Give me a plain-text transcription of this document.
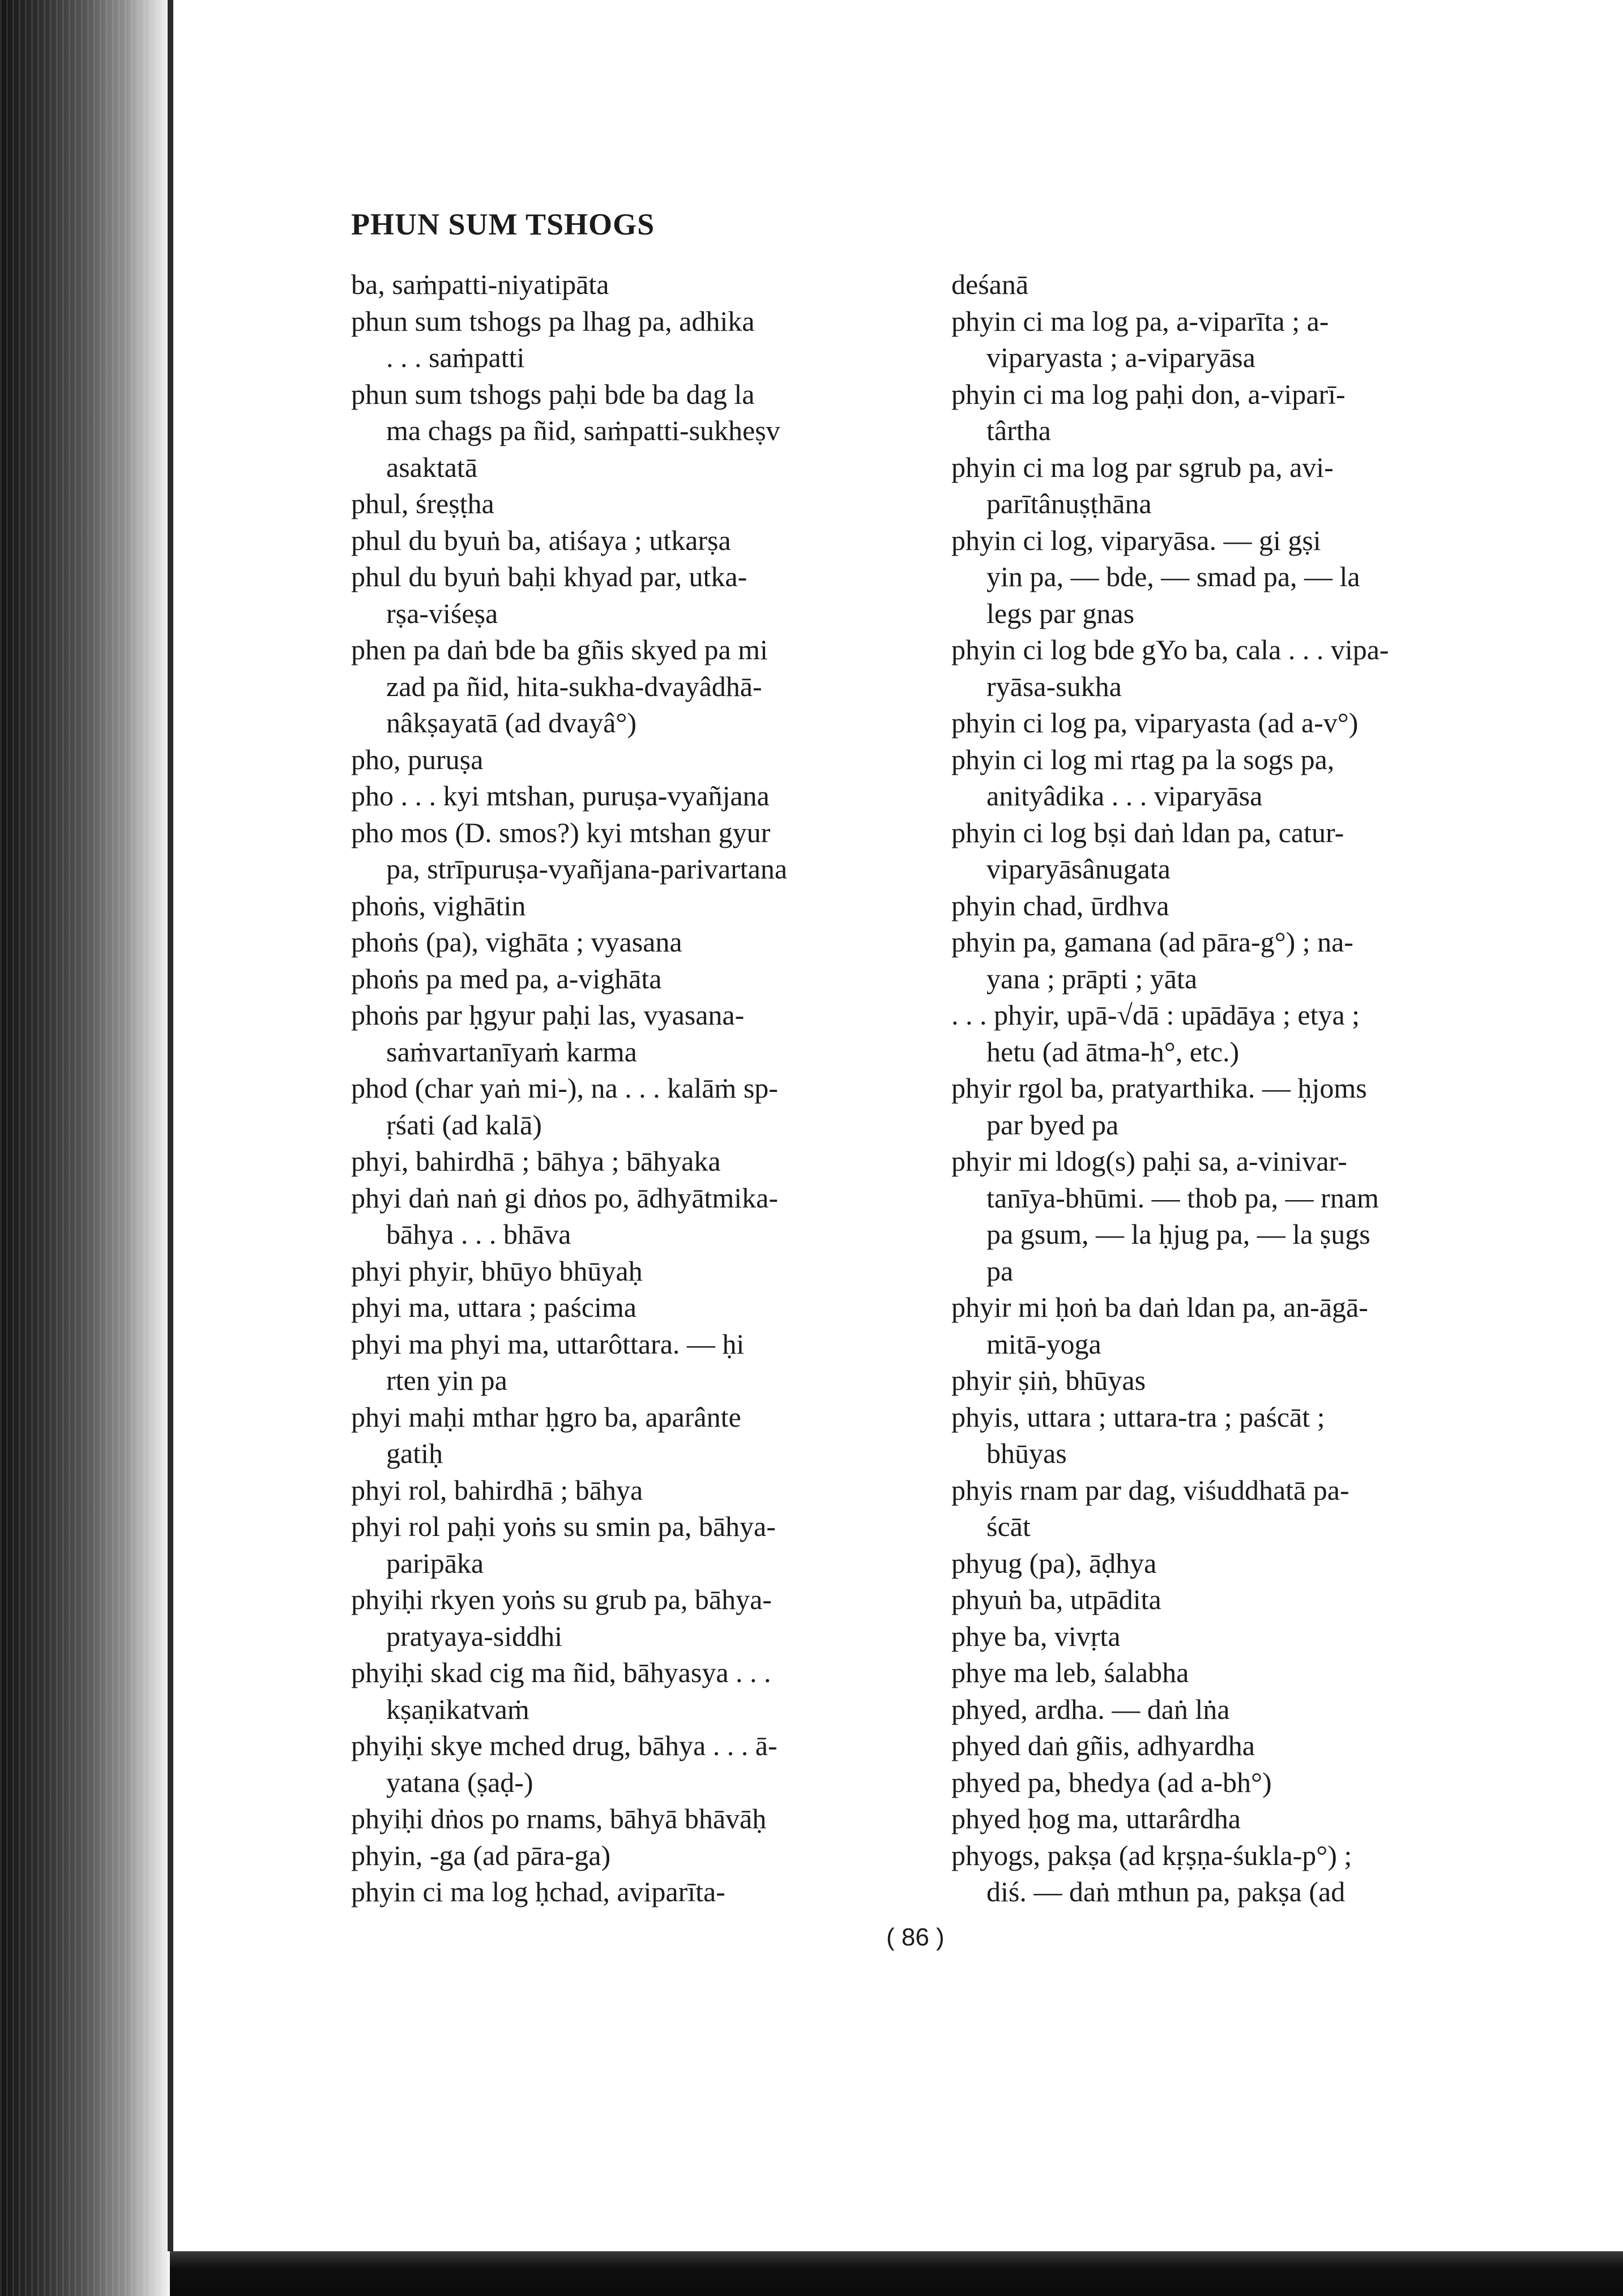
PHUN SUM TSHOGS
ba, saṁpatti-niyatipāta
phun sum tshogs pa lhag pa, adhika
. . . saṁpatti
phun sum tshogs paḥi bde ba dag la
ma chags pa ñid, saṁpatti-sukheṣv
asaktatā
phul, śreṣṭha
phul du byuṅ ba, atiśaya ; utkarṣa
phul du byuṅ baḥi khyad par, utka-
rṣa-viśeṣa
phen pa daṅ bde ba gñis skyed pa mi
zad pa ñid, hita-sukha-dvayâdhā-
nâkṣayatā (ad dvayâ°)
pho, puruṣa
pho . . . kyi mtshan, puruṣa-vyañjana
pho mos (D. smos?) kyi mtshan gyur
pa, strīpuruṣa-vyañjana-parivartana
phoṅs, vighātin
phoṅs (pa), vighāta ; vyasana
phoṅs pa med pa, a-vighāta
phoṅs par ḥgyur paḥi las, vyasana-
saṁvartanīyaṁ karma
phod (char yaṅ mi-), na . . . kalāṁ sp-
ṛśati (ad kalā)
phyi, bahirdhā ; bāhya ; bāhyaka
phyi daṅ naṅ gi dṅos po, ādhyātmika-
bāhya . . . bhāva
phyi phyir, bhūyo bhūyaḥ
phyi ma, uttara ; paścima
phyi ma phyi ma, uttarôttara. — ḥi
rten yin pa
phyi maḥi mthar ḥgro ba, aparânte
gatiḥ
phyi rol, bahirdhā ; bāhya
phyi rol paḥi yoṅs su smin pa, bāhya-
paripāka
phyiḥi rkyen yoṅs su grub pa, bāhya-
pratyaya-siddhi
phyiḥi skad cig ma ñid, bāhyasya . . .
kṣaṇikatvaṁ
phyiḥi skye mched drug, bāhya . . . ā-
yatana (ṣaḍ-)
phyiḥi dṅos po rnams, bāhyā bhāvāḥ
phyin, -ga (ad pāra-ga)
phyin ci ma log ḥchad, aviparīta-
deśanā
phyin ci ma log pa, a-viparīta ; a-
viparyasta ; a-viparyāsa
phyin ci ma log paḥi don, a-viparī-
târtha
phyin ci ma log par sgrub pa, avi-
parītânuṣṭhāna
phyin ci log, viparyāsa. — gi gṣi
yin pa, — bde, — smad pa, — la
legs par gnas
phyin ci log bde gYo ba, cala . . . vipa-
ryāsa-sukha
phyin ci log pa, viparyasta (ad a-v°)
phyin ci log mi rtag pa la sogs pa,
anityâdika . . . viparyāsa
phyin ci log bṣi daṅ ldan pa, catur-
viparyāsânugata
phyin chad, ūrdhva
phyin pa, gamana (ad pāra-g°) ; na-
yana ; prāpti ; yāta
. . . phyir, upā-√dā : upādāya ; etya ;
hetu (ad ātma-h°, etc.)
phyir rgol ba, pratyarthika. — ḥjoms
par byed pa
phyir mi ldog(s) paḥi sa, a-vinivar-
tanīya-bhūmi. — thob pa, — rnam
pa gsum, — la ḥjug pa, — la ṣugs
pa
phyir mi ḥoṅ ba daṅ ldan pa, an-āgā-
mitā-yoga
phyir ṣiṅ, bhūyas
phyis, uttara ; uttara-tra ; paścāt ;
bhūyas
phyis rnam par dag, viśuddhatā pa-
ścāt
phyug (pa), āḍhya
phyuṅ ba, utpādita
phye ba, vivṛta
phye ma leb, śalabha
phyed, ardha. — daṅ lṅa
phyed daṅ gñis, adhyardha
phyed pa, bhedya (ad a-bh°)
phyed ḥog ma, uttarârdha
phyogs, pakṣa (ad kṛṣṇa-śukla-p°) ;
diś. — daṅ mthun pa, pakṣa (ad
( 86 )
